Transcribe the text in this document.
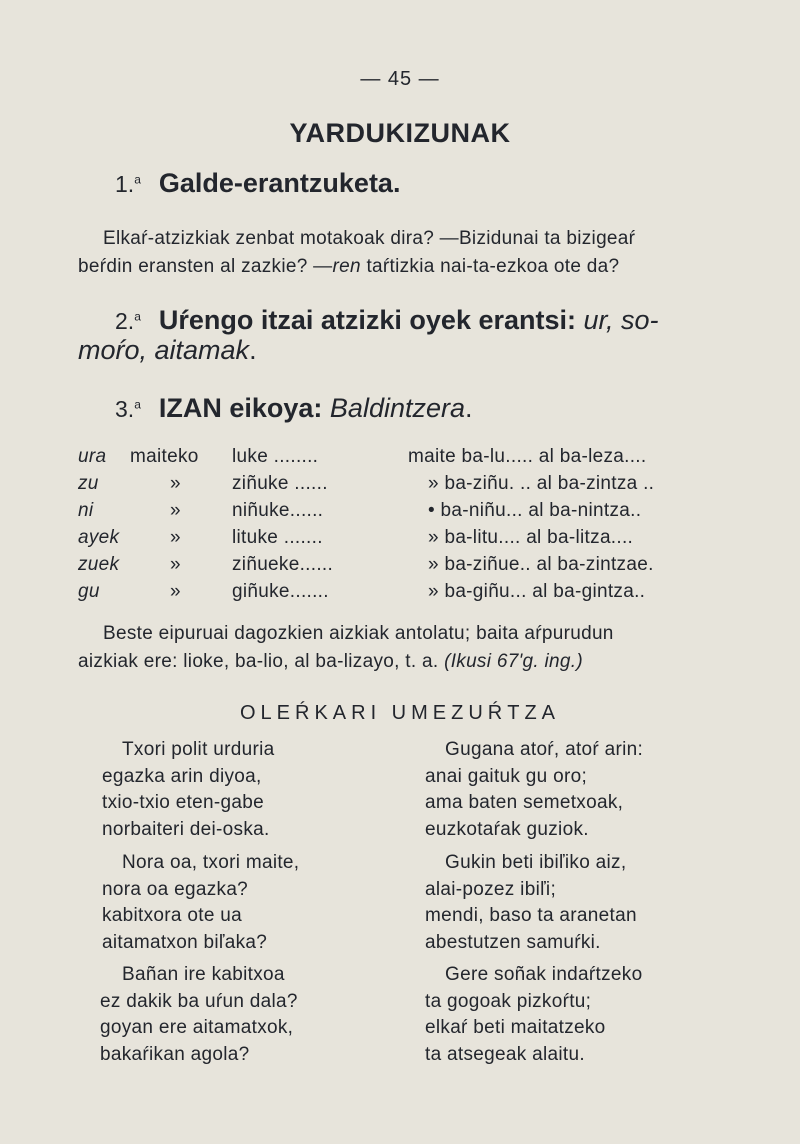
— 45 —
YARDUKIZUNAK
1.$^a$ Galde-erantzuketa.
Elkaŕ-atzizkiak zenbat motakoak dira? —Bizidunai ta bizigeaŕ
beŕdin eransten al zazkie? —ren taŕtizkia nai-ta-ezkoa ote da?
2.$^a$ Uŕengo itzai atzizki oyek erantsi: ur, so-
moŕo, aitamak.
3.$^a$ IZAN eikoya: Baldintzera.
ura maiteko luke ........	maite ba-lu..... al ba-leza....
zu	»	ziñuke ......	» ba-ziñu. .. al ba-zintza ..
ni	»	niñuke......	• ba-niñu... al ba-nintza..
ayek	»	lituke .......	» ba-litu.... al ba-litza....
zuek	»	ziñueke......	» ba-ziñue.. al ba-zintzae.
gu	»	giñuke.......	» ba-giñu... al ba-gintza..
Beste eipuruai dagozkien aizkiak antolatu; baita aŕpurudun
aizkiak ere: lioke, ba-lio, al ba-lizayo, t. a. (Ikusi 67'g. ing.)
OLEŔKARI UMEZUŔTZA
Txori polit urduria
egazka arin diyoa,
txio-txio eten-gabe
norbaiteri dei-oska.
Nora oa, txori maite,
nora oa egazka?
kabitxora ote ua
aitamatxon biľaka?
Bañan ire kabitxoa
ez dakik ba uŕun dala?
goyan ere aitamatxok,
bakaŕikan agola?
Gugana atoŕ, atoŕ arin:
anai gaituk gu oro;
ama baten semetxoak,
euzkotaŕak guziok.
Gukin beti ibiľiko aiz,
alai-pozez ibiľi;
mendi, baso ta aranetan
abestutzen samuŕki.
Gere soñak indaŕtzeko
ta gogoak pizkoŕtu;
elkaŕ beti maitatzeko
ta atsegeak alaitu.
